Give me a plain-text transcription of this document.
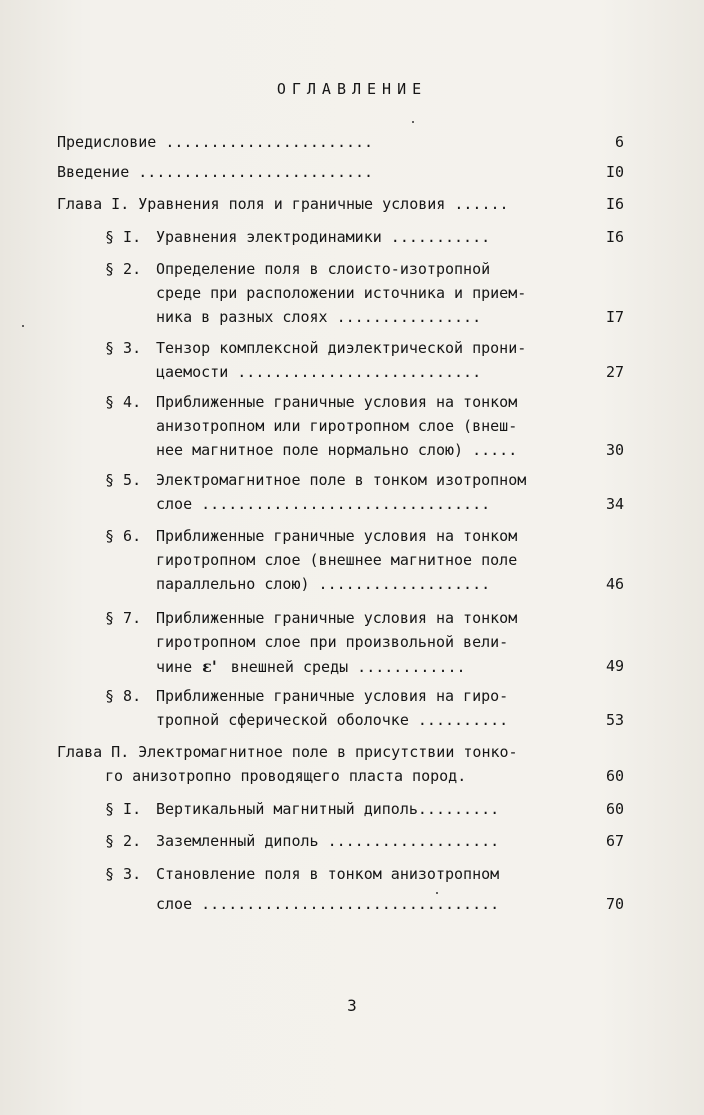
ОГЛАВЛЕНИЕ
Предисловие .......................	6
Введение ..........................	I0
Глава I. Уравнения поля и граничные условия ......	I6
§ I. Уравнения электродинамики ...........	I6
§ 2. Определение поля в слоисто-изотропной
среде при расположении источника и прием-
ника в разных слоях ................	I7
§ 3. Тензор комплексной диэлектрической прони-
цаемости ...........................	27
§ 4. Приближенные граничные условия на тонком
анизотропном или гиротропном слое (внеш-
нее магнитное поле нормально слою) .....	30
§ 5. Электромагнитное поле в тонком изотропном
слое ................................	34
§ 6. Приближенные граничные условия на тонком
гиротропном слое (внешнее магнитное поле
параллельно слою) ...................	46
§ 7. Приближенные граничные условия на тонком
гиротропном слое при произвольной вели-
чине ε' внешней среды ............	49
§ 8. Приближенные граничные условия на гиро-
тропной сферической оболочке ..........	53
Глава П. Электромагнитное поле в присутствии тонко-
го анизотропно проводящего пласта пород.	60
§ I. Вертикальный магнитный диполь.........	60
§ 2. Заземленный диполь ...................	67
§ 3. Становление поля в тонком анизотропном
слое .................................	70
3
